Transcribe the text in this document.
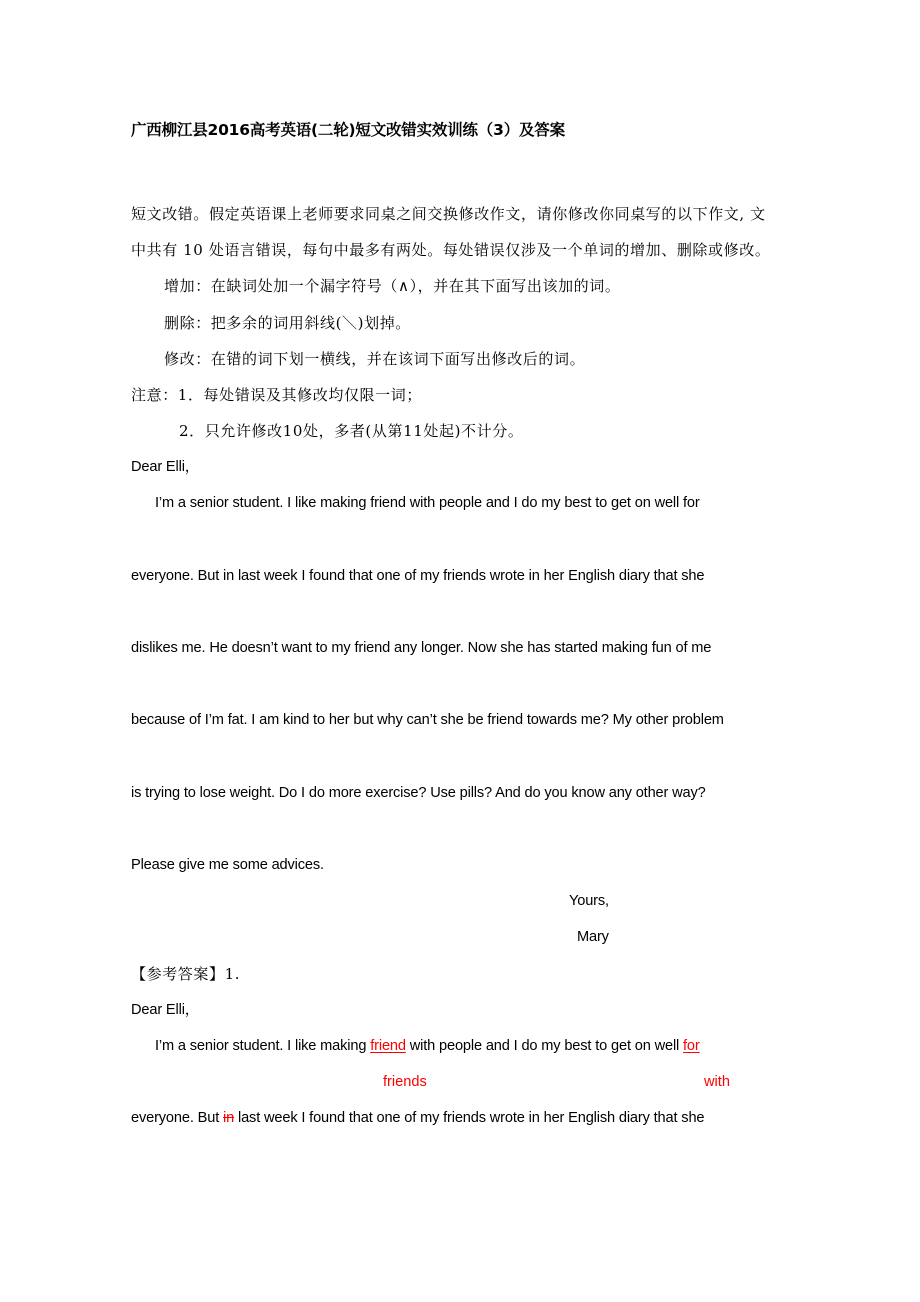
广西柳江县2016高考英语(二轮)短文改错实效训练（3）及答案
短文改错。假定英语课上老师要求同桌之间交换修改作文，请你修改你同桌写的以下作文, 文
中共有 10 处语言错误，每句中最多有两处。每处错误仅涉及一个单词的增加、删除或修改。
增加：在缺词处加一个漏字符号（∧），并在其下面写出该加的词。
删除：把多余的词用斜线(＼)划掉。
修改：在错的词下划一横线，并在该词下面写出修改后的词。
注意：1．每处错误及其修改均仅限一词；
2．只允许修改10处，多者(从第11处起)不计分。
Dear Elli，
I’m a senior student. I like making friend with people and I do my best to get on well for
everyone. But in last week I found that one of my friends wrote in her English diary that she
dislikes me. He doesn’t want to my friend any longer. Now she has started making fun of me
because of I’m fat. I am kind to her but why can’t she be friend towards me? My other problem
is trying to lose weight. Do I do more exercise? Use pills? And do you know any other way?
Please give me some advices.
Yours,
Mary
【参考答案】1.
Dear Elli，
I’m a senior student. I like making friend with people and I do my best to get on well for
friends	with
everyone. But in last week I found that one of my friends wrote in her English diary that she
